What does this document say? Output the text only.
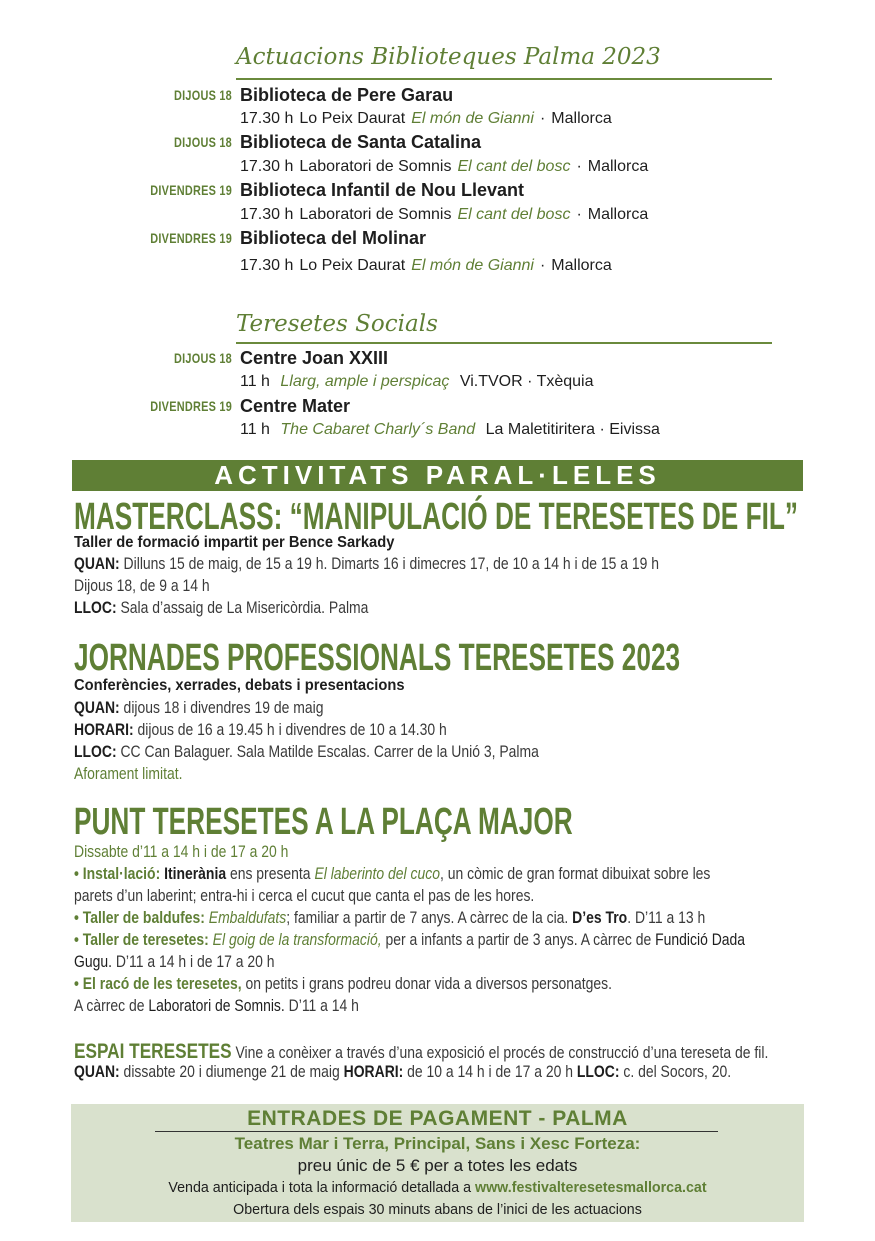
Actuacions Biblioteques Palma 2023
DIJOUS 18 Biblioteca de Pere Garau
17.30 h Lo Peix Daurat El món de Gianni · Mallorca
DIJOUS 18 Biblioteca de Santa Catalina
17.30 h Laboratori de Somnis El cant del bosc · Mallorca
DIVENDRES 19 Biblioteca Infantil de Nou Llevant
17.30 h Laboratori de Somnis El cant del bosc · Mallorca
DIVENDRES 19 Biblioteca del Molinar
17.30 h Lo Peix Daurat El món de Gianni · Mallorca
Teresetes Socials
DIJOUS 18 Centre Joan XXIII
11 h Llarg, ample i perspicaç Vi.TVOR · Txèquia
DIVENDRES 19 Centre Mater
11 h The Cabaret Charly´s Band La Maletitiritera · Eivissa
ACTIVITATS PARAL·LELES
MASTERCLASS: “MANIPULACIÓ DE TERESETES DE FIL”
Taller de formació impartit per Bence Sarkady
QUAN: Dilluns 15 de maig, de 15 a 19 h. Dimarts 16 i dimecres 17, de 10 a 14 h i de 15 a 19 h
Dijous 18, de 9 a 14 h
LLOC: Sala d’assaig de La Misericòrdia. Palma
JORNADES PROFESSIONALS TERESETES 2023
Conferències, xerrades, debats i presentacions
QUAN: dijous 18 i divendres 19 de maig
HORARI: dijous de 16 a 19.45 h i divendres de 10 a 14.30 h
LLOC: CC Can Balaguer. Sala Matilde Escalas. Carrer de la Unió 3, Palma
Aforament limitat.
PUNT TERESETES A LA PLAÇA MAJOR
Dissabte d’11 a 14 h i de 17 a 20 h
• Instal·lació: Itinerània ens presenta El laberinto del cuco, un còmic de gran format dibuixat sobre les
parets d’un laberint; entra-hi i cerca el cucut que canta el pas de les hores.
• Taller de baldufes: Embaldufats; familiar a partir de 7 anys. A càrrec de la cia. D’es Tro. D’11 a 13 h
• Taller de teresetes: El goig de la transformació, per a infants a partir de 3 anys. A càrrec de Fundició Dada
Gugu. D’11 a 14 h i de 17 a 20 h
• El racó de les teresetes, on petits i grans podreu donar vida a diversos personatges.
A càrrec de Laboratori de Somnis. D’11 a 14 h
ESPAI TERESETES Vine a conèixer a través d’una exposició el procés de construcció d’una tereseta de fil.
QUAN: dissabte 20 i diumenge 21 de maig HORARI: de 10 a 14 h i de 17 a 20 h LLOC: c. del Socors, 20.
ENTRADES DE PAGAMENT - PALMA
Teatres Mar i Terra, Principal, Sans i Xesc Forteza:
preu únic de 5 € per a totes les edats
Venda anticipada i tota la informació detallada a www.festivalteresetesmallorca.cat
Obertura dels espais 30 minuts abans de l’inici de les actuacions
